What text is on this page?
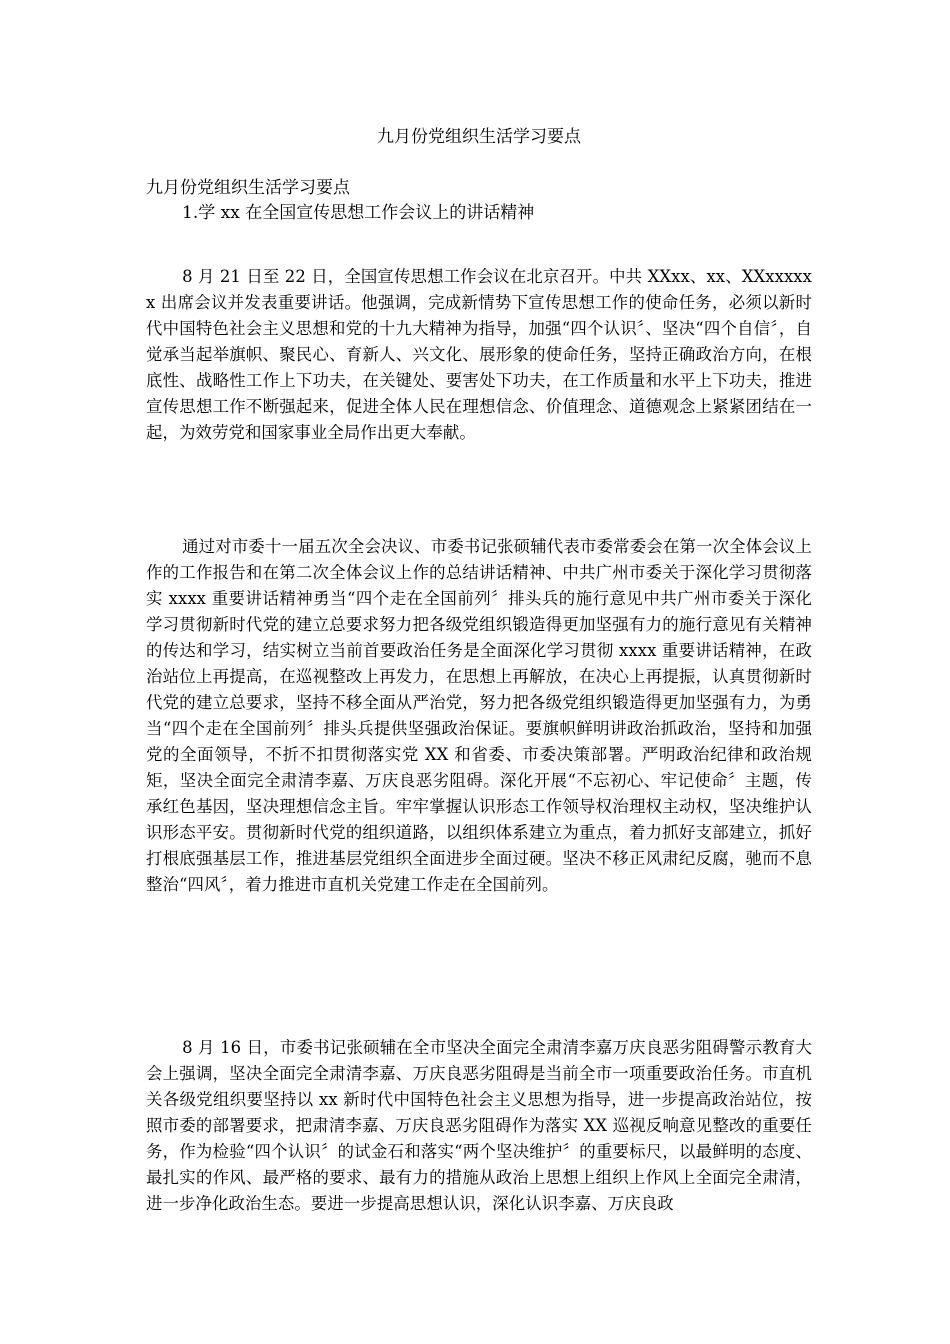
九月份党组织生活学习要点
九月份党组织生活学习要点
1.学 xx 在全国宣传思想工作会议上的讲话精神

8 月 21 日至 22 日，全国宣传思想工作会议在北京召开。中共 XXxx、xx、XXxxxxxx 出席会议并发表重要讲话。他强调，完成新情势下宣传思想工作的使命任务，必须以新时代中国特色社会主义思想和党的十九大精神为指导，加强“四个认识〞、坚决“四个自信〞，自觉承当起举旗帜、聚民心、育新人、兴文化、展形象的使命任务，坚持正确政治方向，在根底性、战略性工作上下功夫，在关键处、要害处下功夫，在工作质量和水平上下功夫，推进宣传思想工作不断强起来，促进全体人民在理想信念、价值理念、道德观念上紧紧团结在一起，为效劳党和国家事业全局作出更大奉献。

通过对市委十一届五次全会决议、市委书记张硕辅代表市委常委会在第一次全体会议上作的工作报告和在第二次全体会议上作的总结讲话精神、中共广州市委关于深化学习贯彻落实 xxxx 重要讲话精神勇当“四个走在全国前列〞排头兵的施行意见中共广州市委关于深化学习贯彻新时代党的建立总要求努力把各级党组织锻造得更加坚强有力的施行意见有关精神的传达和学习，结实树立当前首要政治任务是全面深化学习贯彻 xxxx 重要讲话精神，在政治站位上再提高，在巡视整改上再发力，在思想上再解放，在决心上再提振，认真贯彻新时代党的建立总要求，坚持不移全面从严治党，努力把各级党组织锻造得更加坚强有力，为勇当“四个走在全国前列〞排头兵提供坚强政治保证。要旗帜鲜明讲政治抓政治，坚持和加强党的全面领导，不折不扣贯彻落实党 XX 和省委、市委决策部署。严明政治纪律和政治规矩，坚决全面完全肃清李嘉、万庆良恶劣阻碍。深化开展“不忘初心、牢记使命〞主题，传承红色基因，坚决理想信念主旨。牢牢掌握认识形态工作领导权治理权主动权，坚决维护认识形态平安。贯彻新时代党的组织道路，以组织体系建立为重点，着力抓好支部建立，抓好打根底强基层工作，推进基层党组织全面进步全面过硬。坚决不移正风肃纪反腐，驰而不息整治“四风〞，着力推进市直机关党建工作走在全国前列。

8 月 16 日，市委书记张硕辅在全市坚决全面完全肃清李嘉万庆良恶劣阻碍警示教育大会上强调，坚决全面完全肃清李嘉、万庆良恶劣阻碍是当前全市一项重要政治任务。市直机关各级党组织要坚持以 xx 新时代中国特色社会主义思想为指导，进一步提高政治站位，按照市委的部署要求，把肃清李嘉、万庆良恶劣阻碍作为落实 XX 巡视反响意见整改的重要任务，作为检验“四个认识〞的试金石和落实“两个坚决维护〞的重要标尺，以最鲜明的态度、最扎实的作风、最严格的要求、最有力的措施从政治上思想上组织上作风上全面完全肃清，进一步净化政治生态。要进一步提高思想认识，深化认识李嘉、万庆良政
